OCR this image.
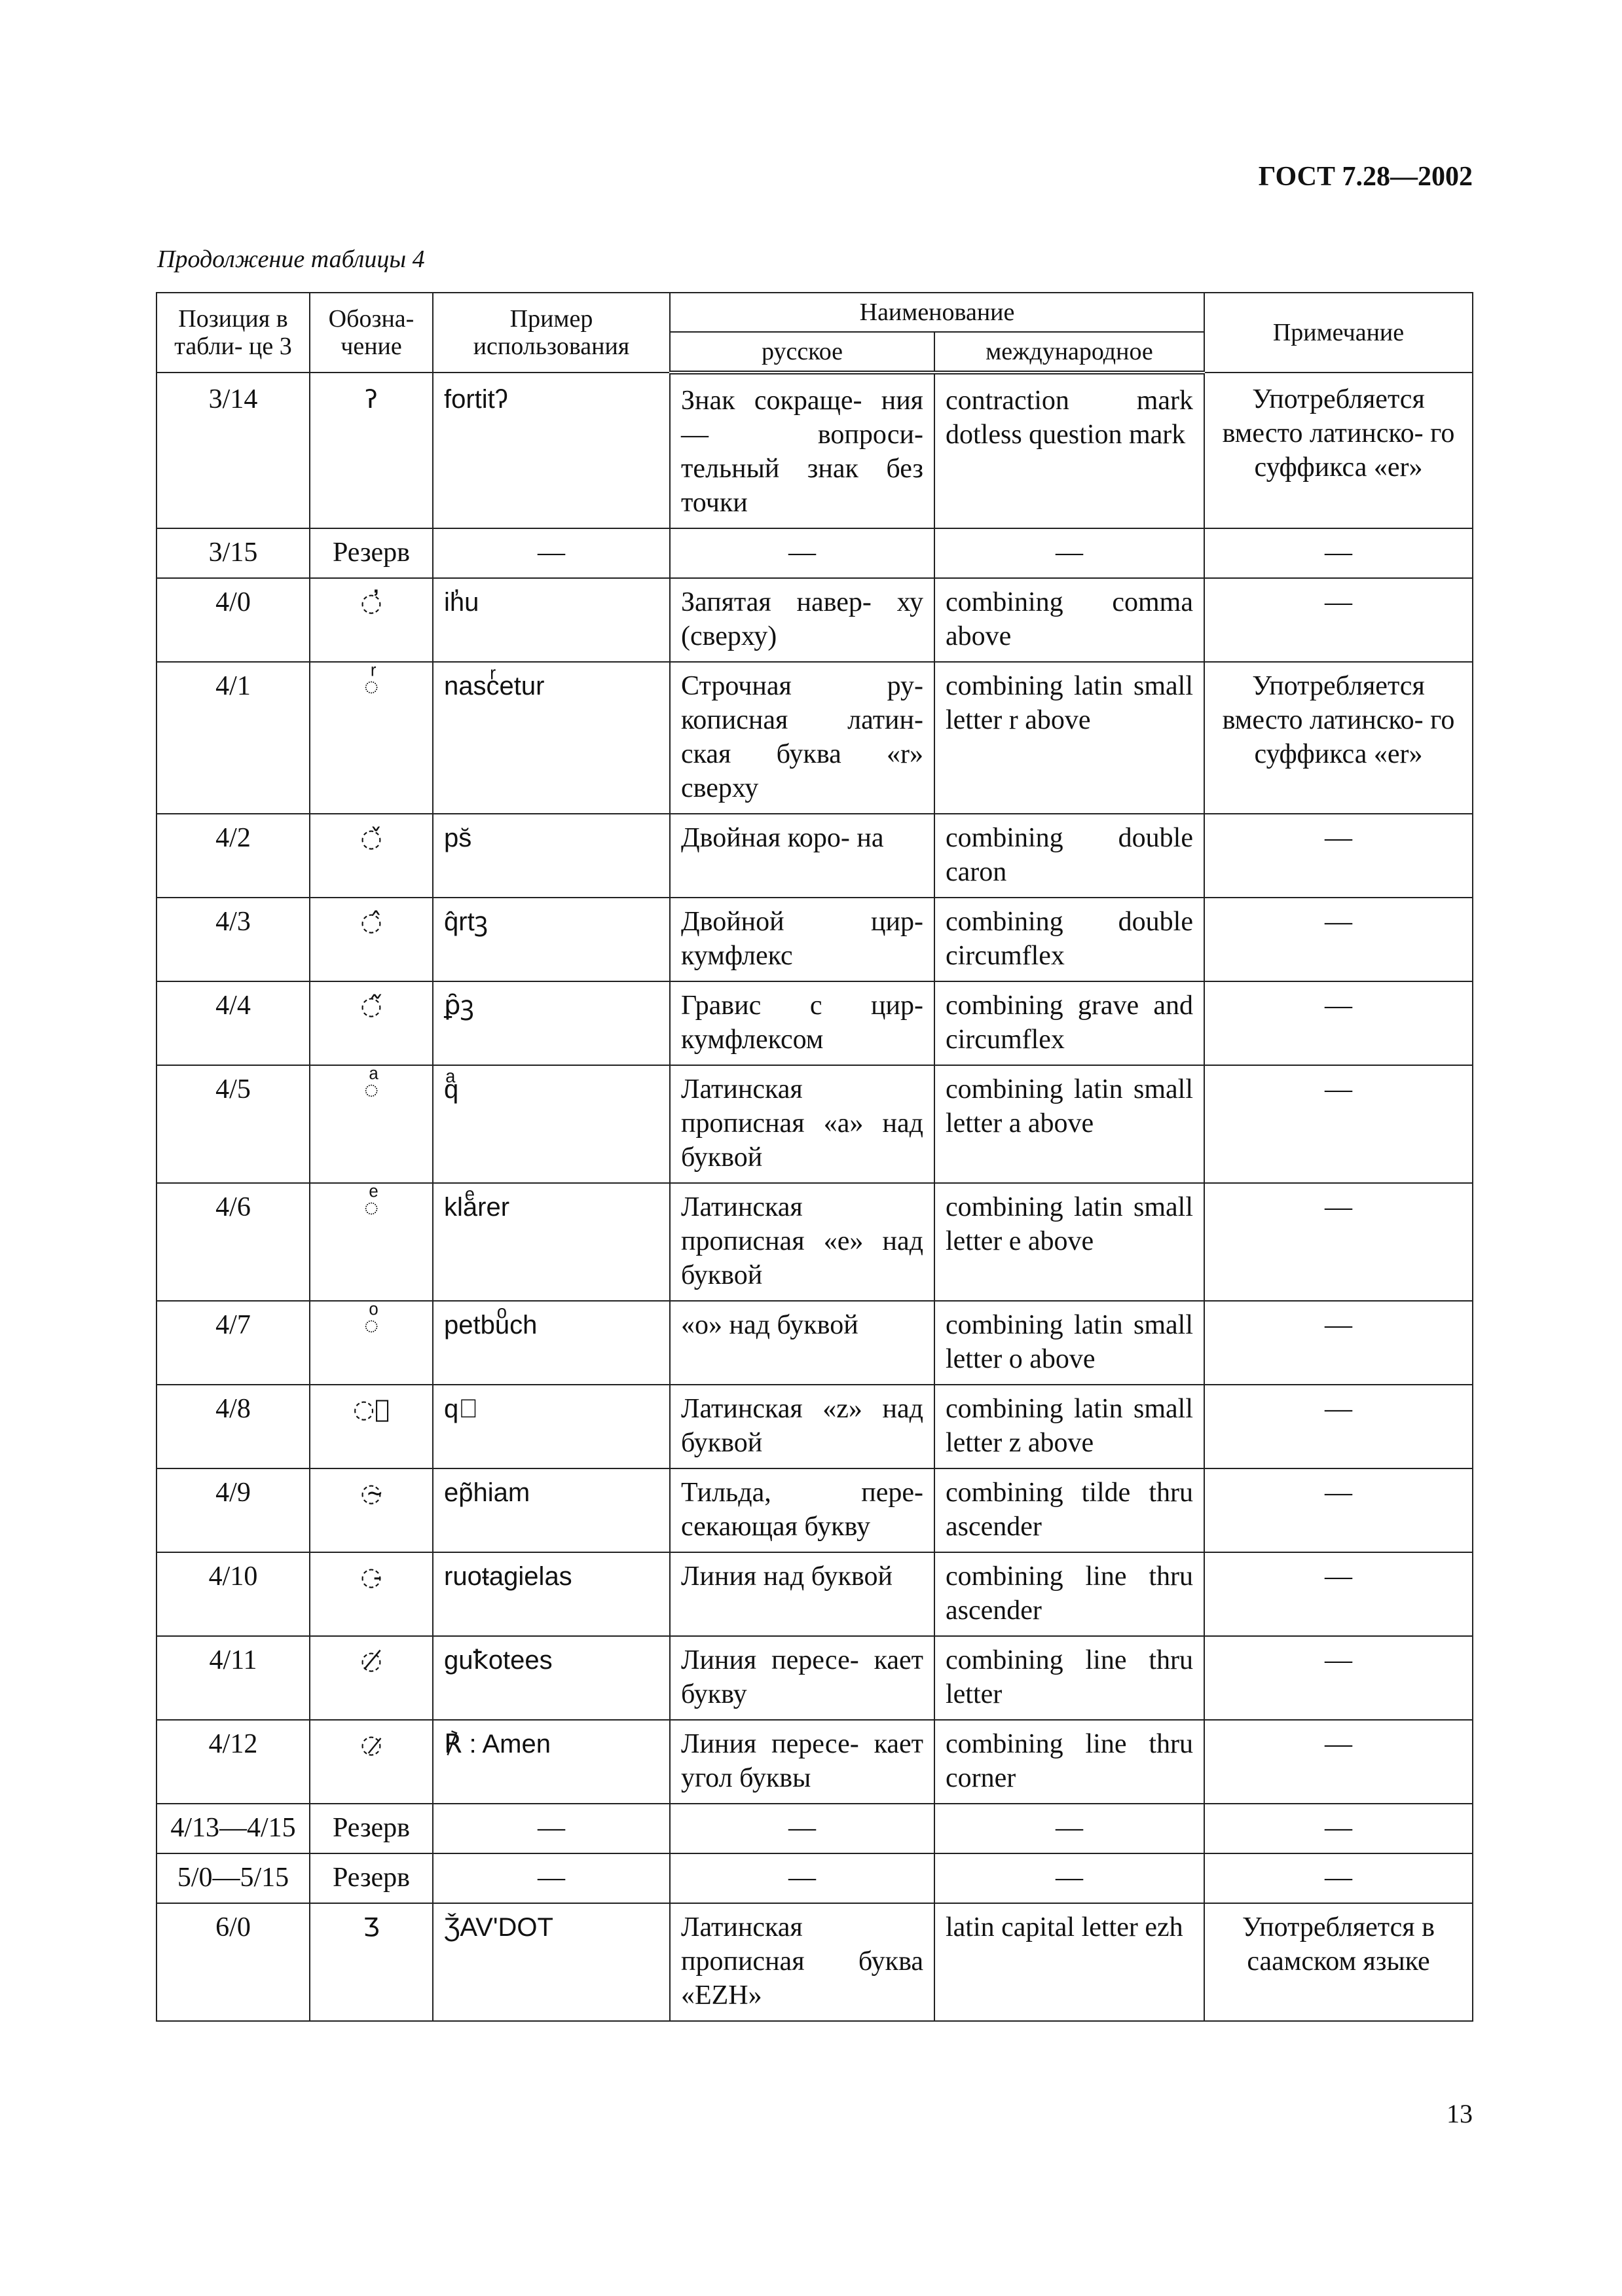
ГОСТ 7.28—2002
Продолжение таблицы 4
Позиция в табли- це 3	Обозна- чение	Пример использования	Наименование		Примечание
			русское	международное	
3/14	ʔ	fortitʔ	Знак сокраще- ния — вопроси- тельный знак без точки	contraction mark dotless question mark	Употребляется вместо латинско- го суффикса «er»
3/15	Резерв	—	—	—	—
4/0	◌̓	ih̓u	Запятая навер- ху (сверху)	combining comma above	—
4/1	◌ͬ	nascͬetur	Строчная ру- кописная латин- ская буква «r» сверху	combining latin small letter r above	Употребляется вместо латинско- го суффикса «er»
4/2	◌̌̌	ps̆	Двойная коро- на	combining double caron	—
4/3	◌̂̂	q̂rtꝫ	Двойной цир- кумфлекс	combining double circumflex	—
4/4	◌᷉	ꝑ̑ꝫ	Гравис с цир- кумфлексом	combining grave and circumflex	—
4/5	◌ͣ	qͣ	Латинская прописная «a» над буквой	combining latin small letter a above	—
4/6	◌ͤ	klaͤrer	Латинская прописная «e» над буквой	combining latin small letter e above	—
4/7	◌ͦ	petbuͦch	«o» над буквой	combining latin small letter o above	—
4/8	◌ᷦ	qᷦ	Латинская «z» над буквой	combining latin small letter z above	—
4/9	◌̴	ep̃hiam	Тильда, пере- секающая букву	combining tilde thru ascender	—
4/10	◌̵	ruoŧagielas	Линия над буквой	combining line thru ascender	—
4/11	◌̸	guꝁotees	Линия пересе- кает букву	combining line thru letter	—
4/12	◌̷	℟ : Amen	Линия пересе- кает угол буквы	combining line thru corner	—
4/13—4/15	Резерв	—	—	—	—
5/0—5/15	Резерв	—	—	—	—
6/0	Ʒ	ǮAV'DOT	Латинская прописная буква «EZH»	latin capital letter ezh	Употребляется в саамском языке
13
